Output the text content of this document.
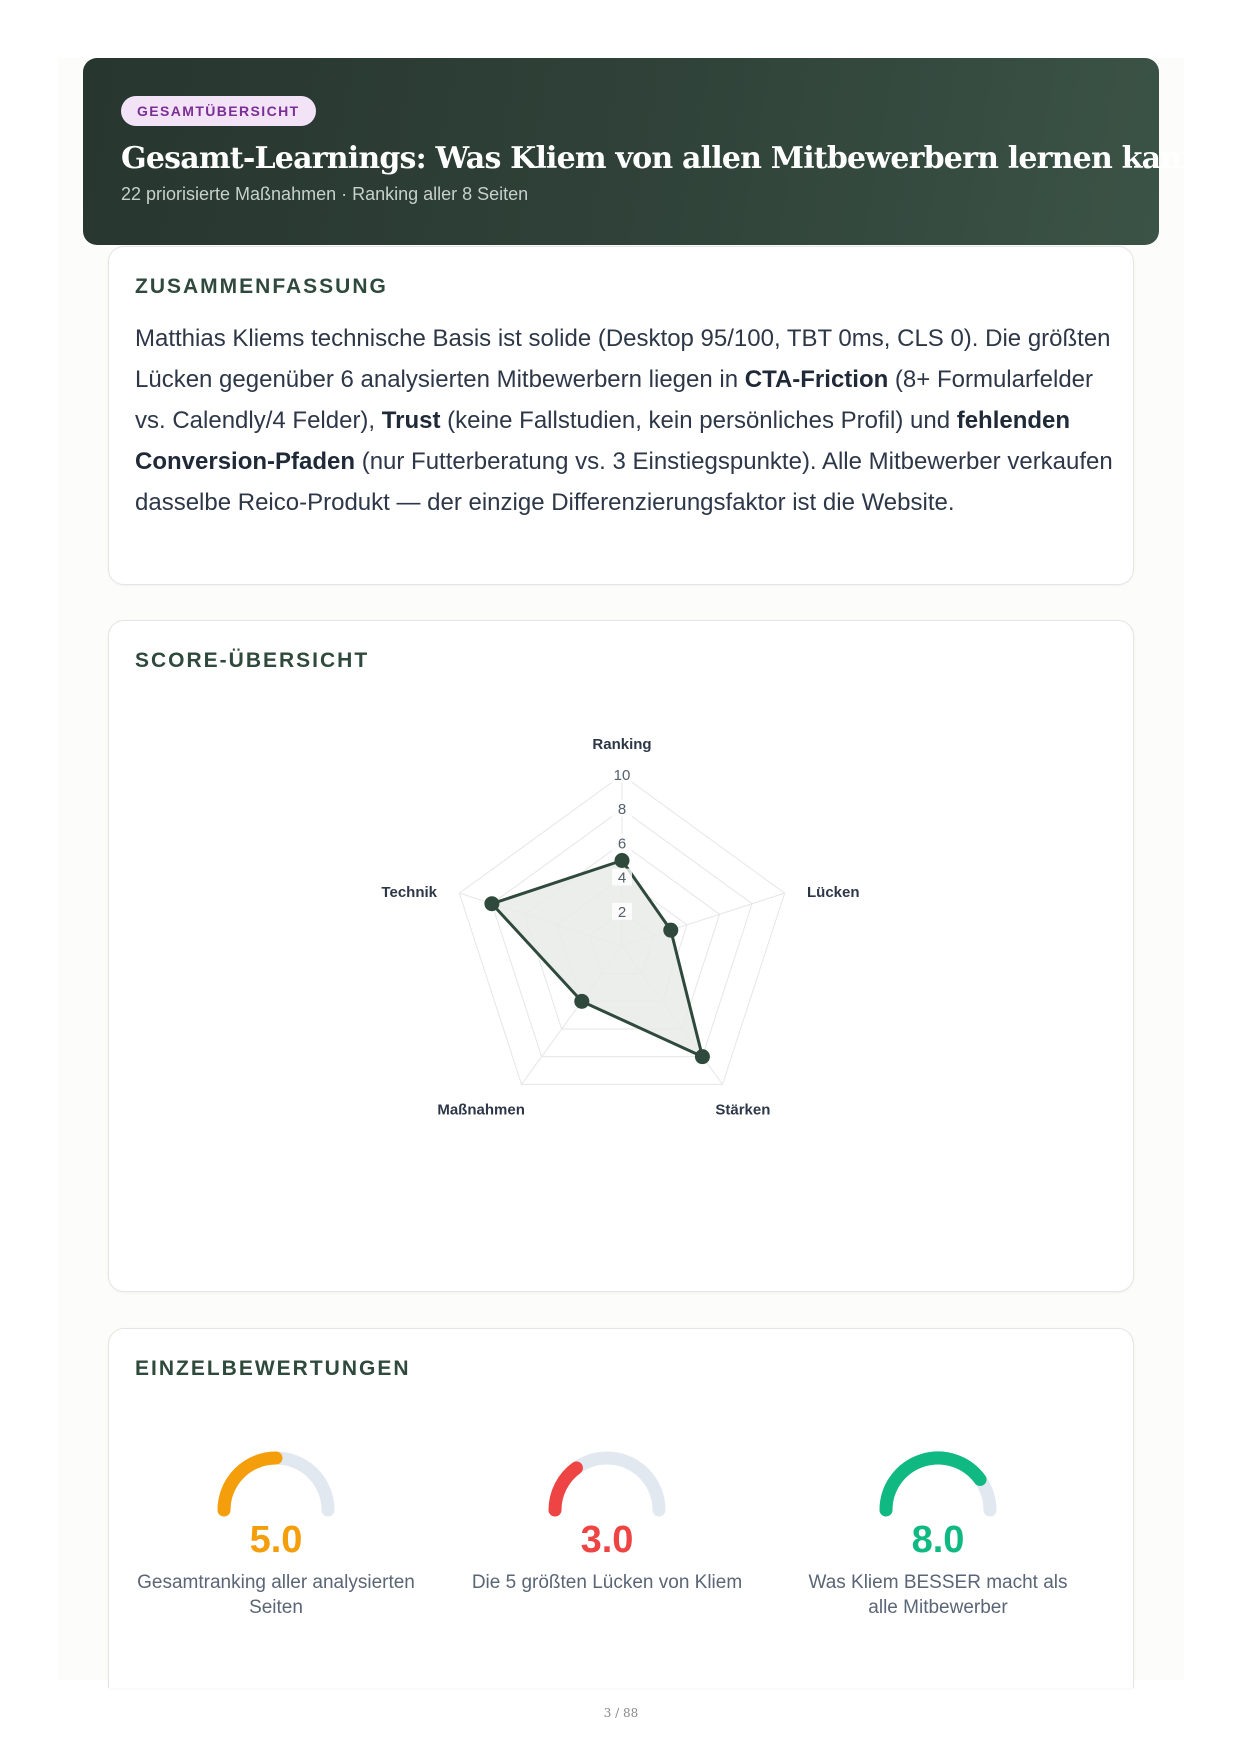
GESAMTÜBERSICHT
Gesamt-Learnings: Was Kliem von allen Mitbewerbern lernen kann
22 priorisierte Maßnahmen · Ranking aller 8 Seiten
ZUSAMMENFASSUNG

Matthias Kliems technische Basis ist solide (Desktop 95/100, TBT 0ms, CLS 0). Die größten Lücken gegenüber 6 analysierten Mitbewerbern liegen in CTA-Friction (8+ Formularfelder vs. Calendly/4 Felder), Trust (keine Fallstudien, kein persönliches Profil) und fehlenden Conversion-Pfaden (nur Futterberatung vs. 3 Einstiegspunkte). Alle Mitbewerber verkaufen dasselbe Reico-Produkt — der einzige Differenzierungsfaktor ist die Website.

SCORE-ÜBERSICHT
2
4
6
8
10
Ranking
Lücken
Stärken
Maßnahmen
Technik
EINZELBEWERTUNGEN
5.0
Gesamtranking aller analysierten Seiten
3.0
Die 5 größten Lücken von Kliem
8.0
Was Kliem BESSER macht als alle Mitbewerber
3 / 88
